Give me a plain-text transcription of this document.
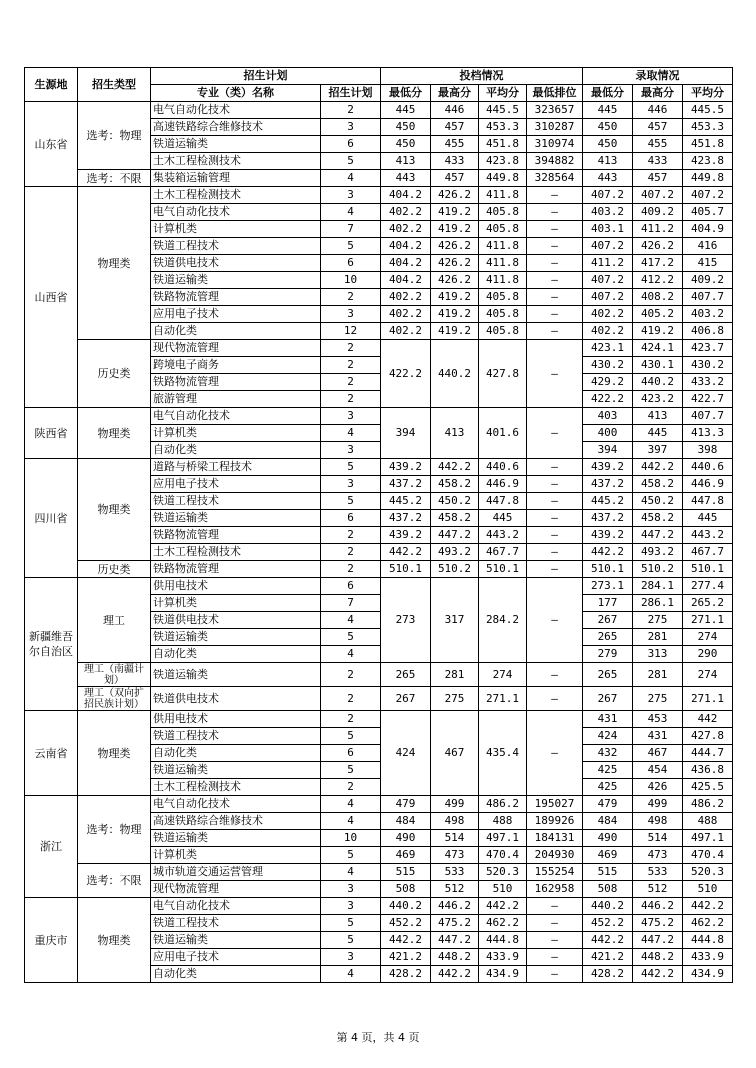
生源地	招生类型	招生计划		投档情况				录取情况		
		专业（类）名称	招生计划	最低分	最高分	平均分	最低排位	最低分	最高分	平均分
山东省	选考：物理	电气自动化技术	2	445	446	445.5	323657	445	446	445.5
		高速铁路综合维修技术	3	450	457	453.3	310287	450	457	453.3
		铁道运输类	6	450	455	451.8	310974	450	455	451.8
		土木工程检测技术	5	413	433	423.8	394882	413	433	423.8
	选考：不限	集装箱运输管理	4	443	457	449.8	328564	443	457	449.8
山西省	物理类	土木工程检测技术	3	404.2	426.2	411.8	–	407.2	407.2	407.2
		电气自动化技术	4	402.2	419.2	405.8	–	403.2	409.2	405.7
		计算机类	7	402.2	419.2	405.8	–	403.1	411.2	404.9
		铁道工程技术	5	404.2	426.2	411.8	–	407.2	426.2	416
		铁道供电技术	6	404.2	426.2	411.8	–	411.2	417.2	415
		铁道运输类	10	404.2	426.2	411.8	–	407.2	412.2	409.2
		铁路物流管理	2	402.2	419.2	405.8	–	407.2	408.2	407.7
		应用电子技术	3	402.2	419.2	405.8	–	402.2	405.2	403.2
		自动化类	12	402.2	419.2	405.8	–	402.2	419.2	406.8
	历史类	现代物流管理	2	422.2	440.2	427.8	–	423.1	424.1	423.7
		跨境电子商务	2					430.2	430.1	430.2
		铁路物流管理	2					429.2	440.2	433.2
		旅游管理	2					422.2	423.2	422.7
陕西省	物理类	电气自动化技术	3	394	413	401.6	–	403	413	407.7
		计算机类	4					400	445	413.3
		自动化类	3					394	397	398
四川省	物理类	道路与桥梁工程技术	5	439.2	442.2	440.6	–	439.2	442.2	440.6
		应用电子技术	3	437.2	458.2	446.9	–	437.2	458.2	446.9
		铁道工程技术	5	445.2	450.2	447.8	–	445.2	450.2	447.8
		铁道运输类	6	437.2	458.2	445	–	437.2	458.2	445
		铁路物流管理	2	439.2	447.2	443.2	–	439.2	447.2	443.2
		土木工程检测技术	2	442.2	493.2	467.7	–	442.2	493.2	467.7
	历史类	铁路物流管理	2	510.1	510.2	510.1	–	510.1	510.2	510.1
新疆维吾尔自治区	理工	供用电技术	6	273	317	284.2	–	273.1	284.1	277.4
		计算机类	7					177	286.1	265.2
		铁道供电技术	4					267	275	271.1
		铁道运输类	5					265	281	274
		自动化类	4					279	313	290
	理工（南疆计划）	铁道运输类	2	265	281	274	–	265	281	274
	理工（双向扩招民族计划）	铁道供电技术	2	267	275	271.1	–	267	275	271.1
云南省	物理类	供用电技术	2	424	467	435.4	–	431	453	442
		铁道工程技术	5					424	431	427.8
		自动化类	6					432	467	444.7
		铁道运输类	5					425	454	436.8
		土木工程检测技术	2					425	426	425.5
浙江	选考：物理	电气自动化技术	4	479	499	486.2	195027	479	499	486.2
		高速铁路综合维修技术	4	484	498	488	189926	484	498	488
		铁道运输类	10	490	514	497.1	184131	490	514	497.1
		计算机类	5	469	473	470.4	204930	469	473	470.4
	选考：不限	城市轨道交通运营管理	4	515	533	520.3	155254	515	533	520.3
		现代物流管理	3	508	512	510	162958	508	512	510
重庆市	物理类	电气自动化技术	3	440.2	446.2	442.2	–	440.2	446.2	442.2
		铁道工程技术	5	452.2	475.2	462.2	–	452.2	475.2	462.2
		铁道运输类	5	442.2	447.2	444.8	–	442.2	447.2	444.8
		应用电子技术	3	421.2	448.2	433.9	–	421.2	448.2	433.9
		自动化类	4	428.2	442.2	434.9	–	428.2	442.2	434.9
第 4 页，共 4 页
